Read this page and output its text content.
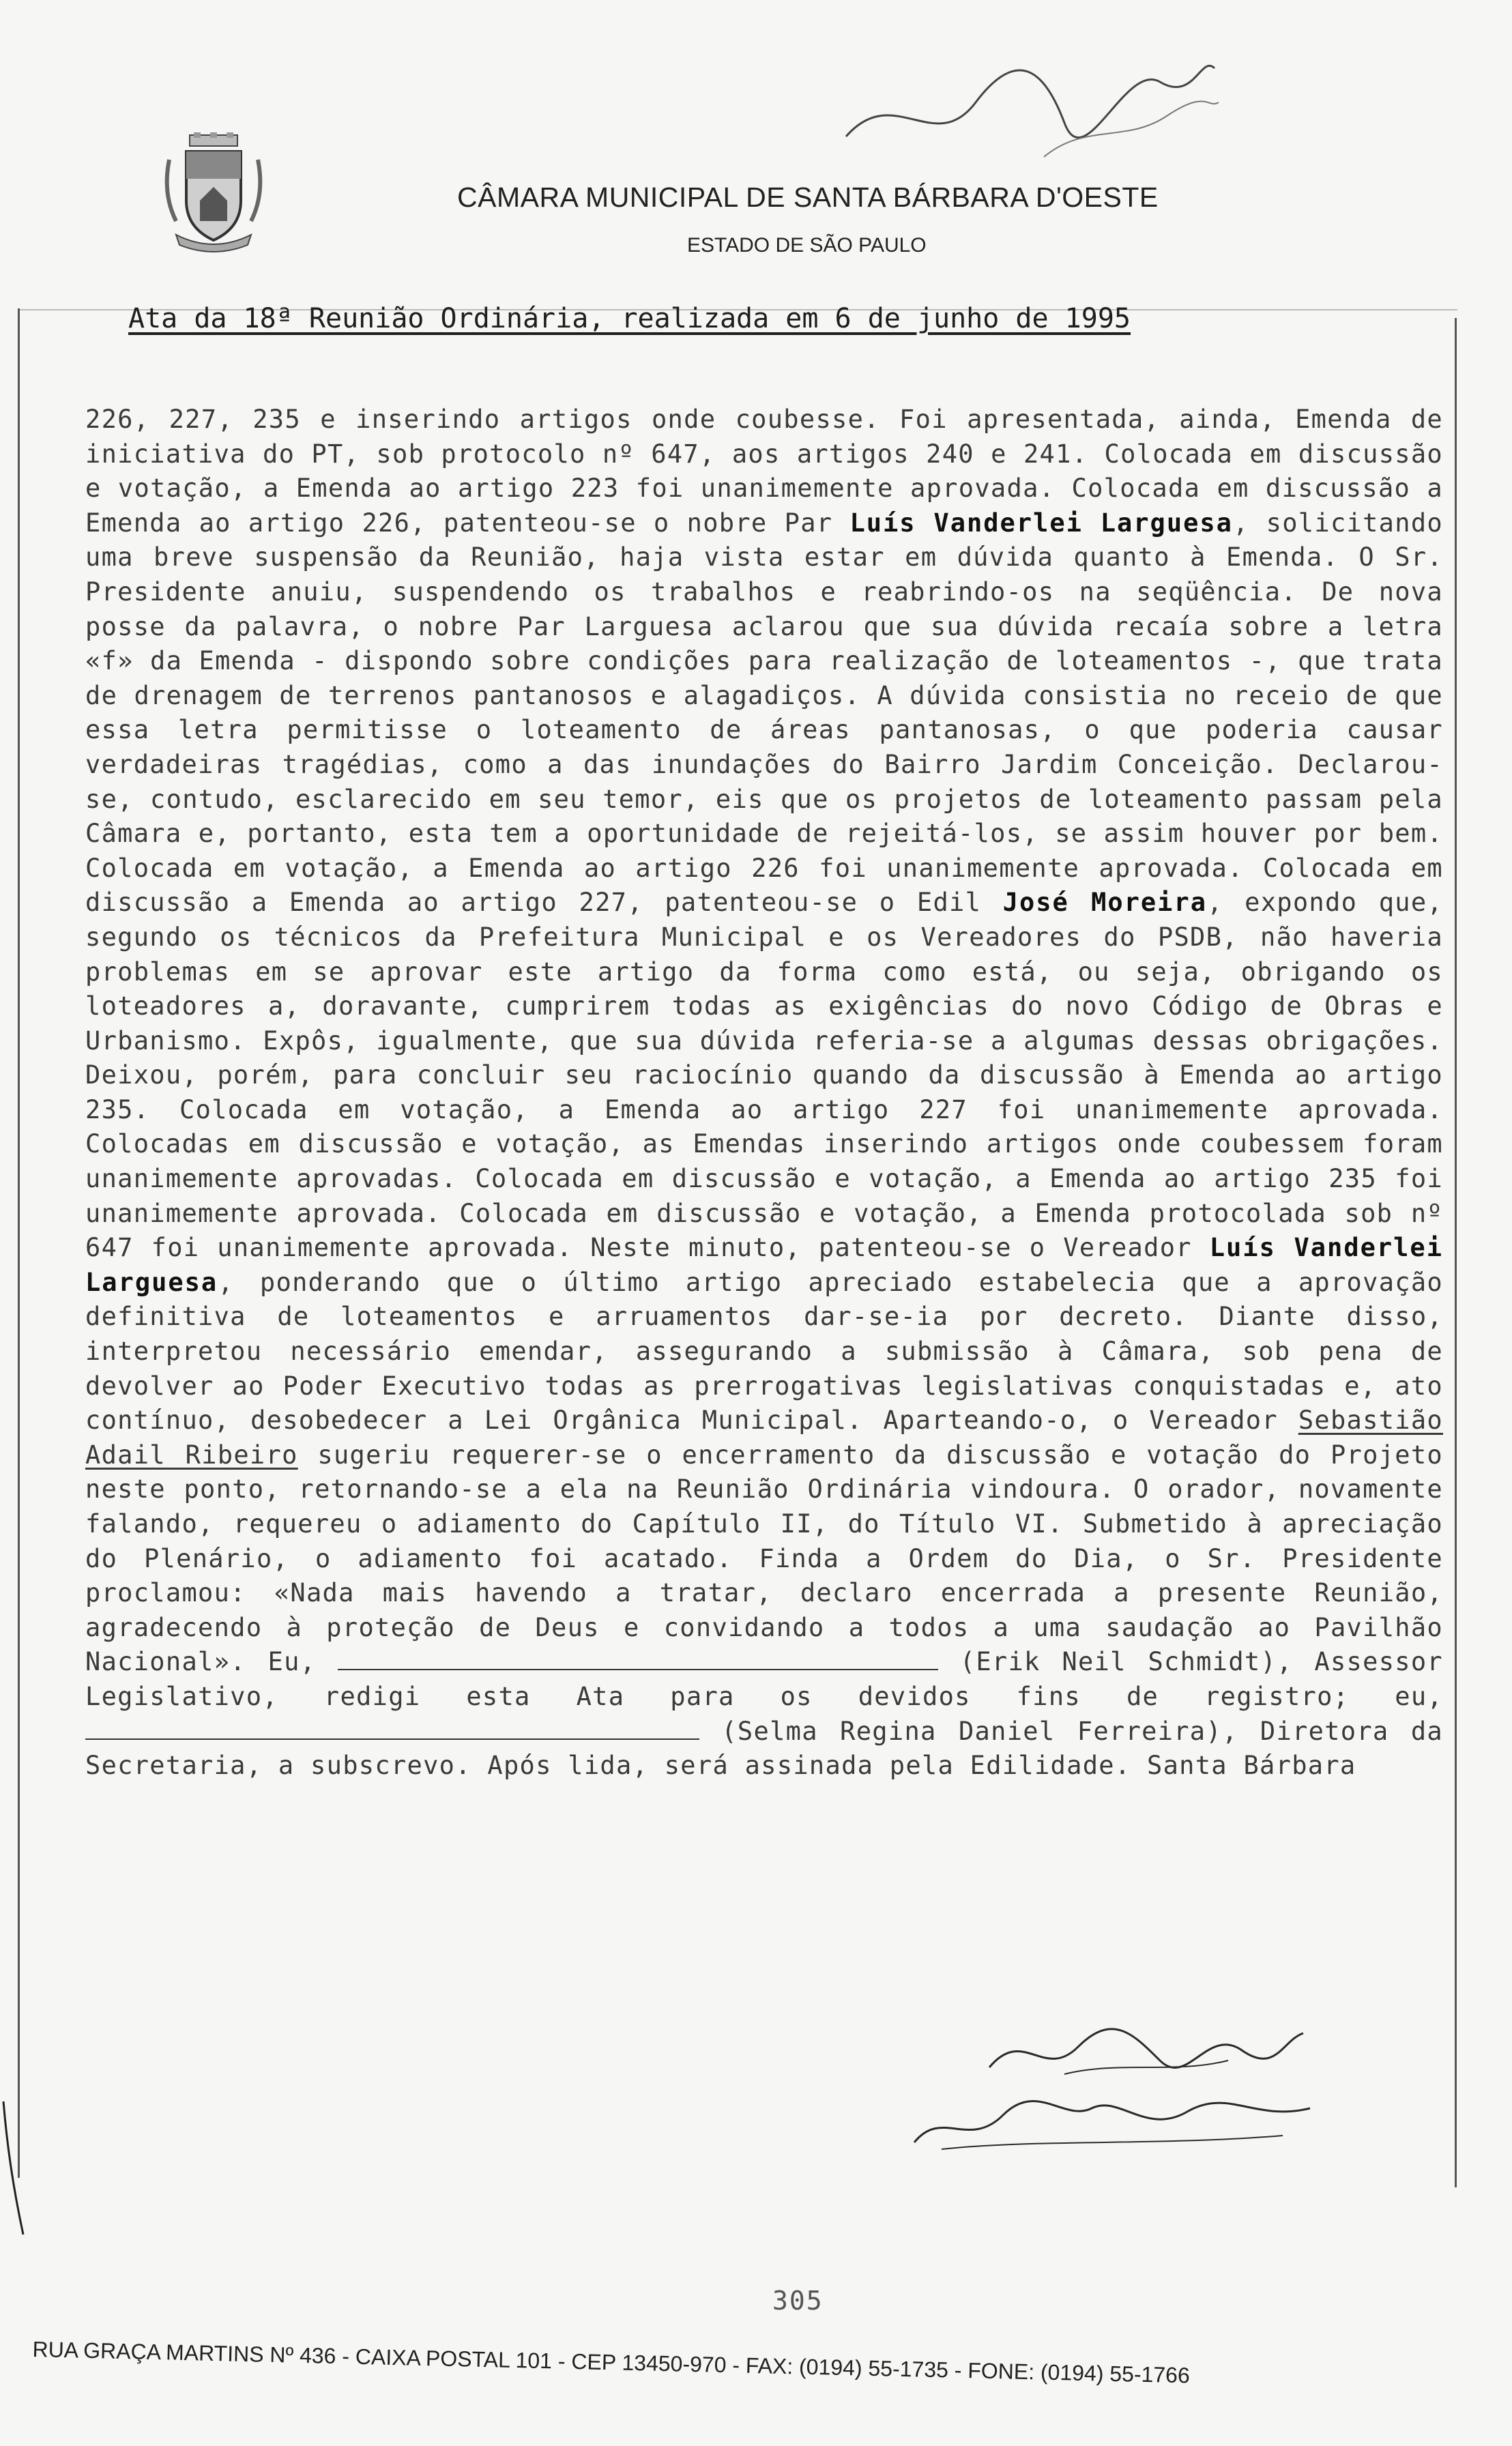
CÂMARA MUNICIPAL DE SANTA BÁRBARA D'OESTE
ESTADO DE SÃO PAULO
Ata da 18ª Reunião Ordinária, realizada em 6 de junho de 1995

226, 227, 235 e inserindo artigos onde coubesse. Foi apresentada, ainda, Emenda de iniciativa do PT, sob protocolo nº 647, aos artigos 240 e 241. Colocada em discussão e votação, a Emenda ao artigo 223 foi unanimemente aprovada. Colocada em discussão a Emenda ao artigo 226, patenteou-se o nobre Par Luís Vanderlei Larguesa, solicitando uma breve suspensão da Reunião, haja vista estar em dúvida quanto à Emenda. O Sr. Presidente anuiu, suspendendo os trabalhos e reabrindo-os na seqüência. De nova posse da palavra, o nobre Par Larguesa aclarou que sua dúvida recaía sobre a letra «f» da Emenda - dispondo sobre condições para realização de loteamentos -, que trata de drenagem de terrenos pantanosos e alagadiços. A dúvida consistia no receio de que essa letra permitisse o loteamento de áreas pantanosas, o que poderia causar verdadeiras tragédias, como a das inundações do Bairro Jardim Conceição. Declarou-se, contudo, esclarecido em seu temor, eis que os projetos de loteamento passam pela Câmara e, portanto, esta tem a oportunidade de rejeitá-los, se assim houver por bem. Colocada em votação, a Emenda ao artigo 226 foi unanimemente aprovada. Colocada em discussão a Emenda ao artigo 227, patenteou-se o Edil José Moreira, expondo que, segundo os técnicos da Prefeitura Municipal e os Vereadores do PSDB, não haveria problemas em se aprovar este artigo da forma como está, ou seja, obrigando os loteadores a, doravante, cumprirem todas as exigências do novo Código de Obras e Urbanismo. Expôs, igualmente, que sua dúvida referia-se a algumas dessas obrigações. Deixou, porém, para concluir seu raciocínio quando da discussão à Emenda ao artigo 235. Colocada em votação, a Emenda ao artigo 227 foi unanimemente aprovada. Colocadas em discussão e votação, as Emendas inserindo artigos onde coubessem foram unanimemente aprovadas. Colocada em discussão e votação, a Emenda ao artigo 235 foi unanimemente aprovada. Colocada em discussão e votação, a Emenda protocolada sob nº 647 foi unanimemente aprovada. Neste minuto, patenteou-se o Vereador Luís Vanderlei Larguesa, ponderando que o último artigo apreciado estabelecia que a aprovação definitiva de loteamentos e arruamentos dar-se-ia por decreto. Diante disso, interpretou necessário emendar, assegurando a submissão à Câmara, sob pena de devolver ao Poder Executivo todas as prerrogativas legislativas conquistadas e, ato contínuo, desobedecer a Lei Orgânica Municipal. Aparteando-o, o Vereador Sebastião Adail Ribeiro sugeriu requerer-se o encerramento da discussão e votação do Projeto neste ponto, retornando-se a ela na Reunião Ordinária vindoura. O orador, novamente falando, requereu o adiamento do Capítulo II, do Título VI. Submetido à apreciação do Plenário, o adiamento foi acatado. Finda a Ordem do Dia, o Sr. Presidente proclamou: «Nada mais havendo a tratar, declaro encerrada a presente Reunião, agradecendo à proteção de Deus e convidando a todos a uma saudação ao Pavilhão Nacional». Eu,	(Erik Neil Schmidt), Assessor Legislativo, redigi esta Ata para os devidos fins de registro; eu,  (Selma Regina Daniel Ferreira), Diretora da Secretaria, a subscrevo. Após lida, será assinada pela Edilidade. Santa Bárbara

305
RUA GRAÇA MARTINS Nº 436 - CAIXA POSTAL 101 - CEP 13450-970 - FAX: (0194) 55-1735 - FONE: (0194) 55-1766
